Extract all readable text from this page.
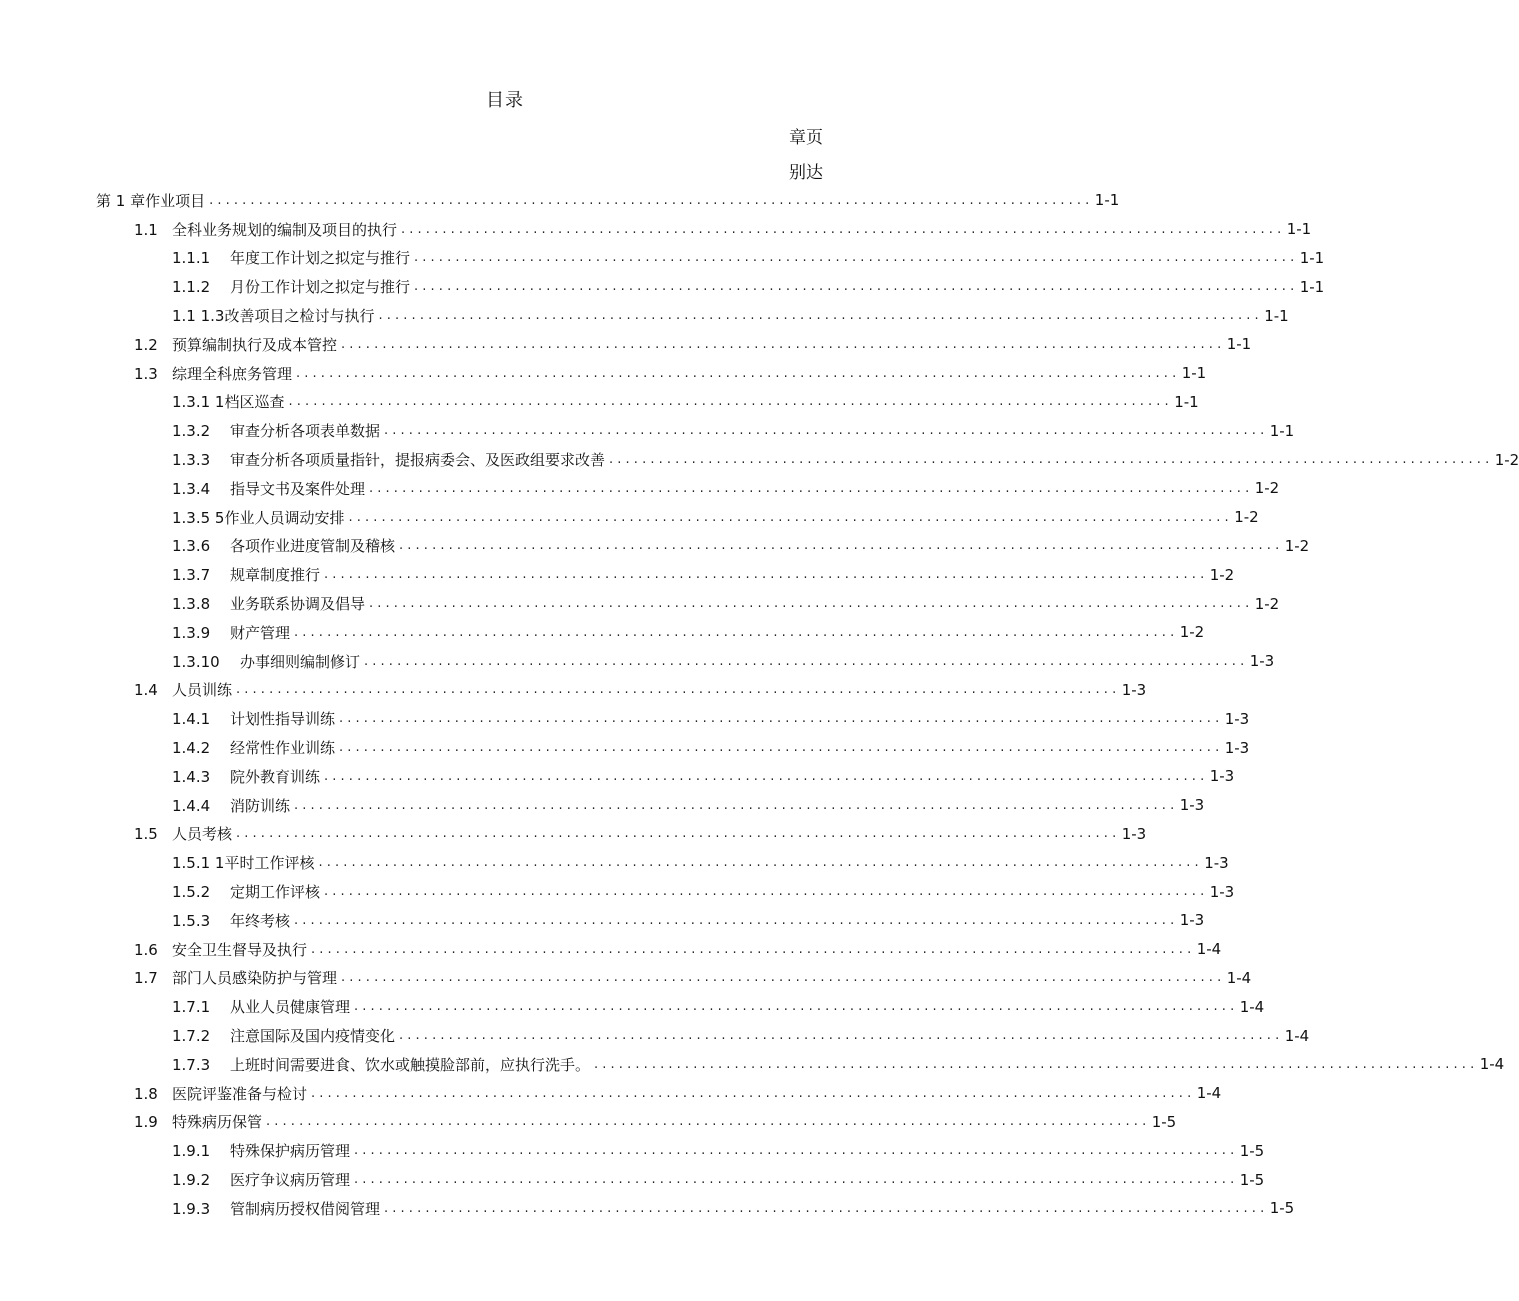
目录
章页
别达
第 1 章作业项目 . . .	1-1
1.1 全科业务规划的编制及项目的执行 . . .	1-1
1.1.1 年度工作计划之拟定与推行 . . .	1-1
1.1.2 月份工作计划之拟定与推行 . . .	1-1
1.1 1.3改善项目之检讨与执行 . . .	1-1
1.2 预算编制执行及成本管控 . . .	1-1
1.3 综理全科庶务管理 . . .	1-1
1.3.1 1档区巡查 . . .	1-1
1.3.2 审查分析各项表单数据 . . .	1-1
1.3.3 审查分析各项质量指针，提报病委会、及医政组要求改善 . . .	1-2
1.3.4 指导文书及案件处理 . . .	1-2
1.3.5 5作业人员调动安排 . . .	1-2
1.3.6 各项作业进度管制及稽核 . . .	1-2
1.3.7 规章制度推行 . . .	1-2
1.3.8 业务联系协调及倡导 . . .	1-2
1.3.9 财产管理 . . .	1-2
1.3.10 办事细则编制修订 . . .	1-3
1.4 人员训练 . . .	1-3
1.4.1 计划性指导训练 . . .	1-3
1.4.2 经常性作业训练 . . .	1-3
1.4.3 院外教育训练 . . .	1-3
1.4.4 消防训练 . . .	1-3
1.5 人员考核 . . .	1-3
1.5.1 1平时工作评核 . . .	1-3
1.5.2 定期工作评核 . . .	1-3
1.5.3 年终考核 . . .	1-3
1.6 安全卫生督导及执行 . . .	1-4
1.7 部门人员感染防护与管理 . . .	1-4
1.7.1 从业人员健康管理 . . .	1-4
1.7.2 注意国际及国内疫情变化 . . .	1-4
1.7.3 上班时间需要进食、饮水或触摸脸部前，应执行洗手。 . . .	1-4
1.8 医院评鉴准备与检讨 . . .	1-4
1.9 特殊病历保管 . . .	1-5
1.9.1 特殊保护病历管理 . . .	1-5
1.9.2 医疗争议病历管理 . . .	1-5
1.9.3 管制病历授权借阅管理 . . .	1-5
